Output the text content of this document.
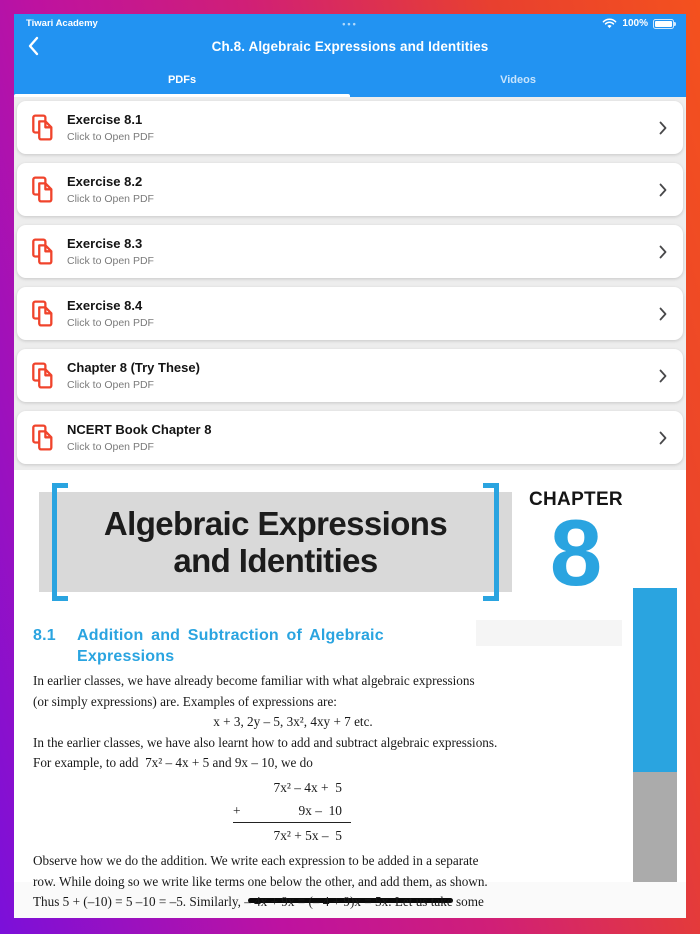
Tiwari Academy	•••	100%
Ch.8. Algebraic Expressions and Identities
PDFs	Videos
Exercise 8.1
Click to Open PDF
Exercise 8.2
Click to Open PDF
Exercise 8.3
Click to Open PDF
Exercise 8.4
Click to Open PDF
Chapter 8 (Try These)
Click to Open PDF
NCERT Book Chapter 8
Click to Open PDF
Algebraic Expressions
and Identities
CHAPTER
8
8.1	Addition and Subtraction of Algebraic
Expressions
In earlier classes, we have already become familiar with what algebraic expressions
(or simply expressions) are. Examples of expressions are:
x + 3, 2y – 5, 3x², 4xy + 7 etc.
In the earlier classes, we have also learnt how to add and subtract algebraic expressions.
For example, to add  7x² – 4x + 5 and 9x – 10, we do
7x² – 4x +  5
+	9x –  10
7x² + 5x –  5
Observe how we do the addition. We write each expression to be added in a separate
row. While doing so we write like terms one below the other, and add them, as shown.
Thus 5 + (–10) = 5 –10 = –5. Similarly, – 4x + 9x = (– 4 + 9)x = 5x. Let us take some
